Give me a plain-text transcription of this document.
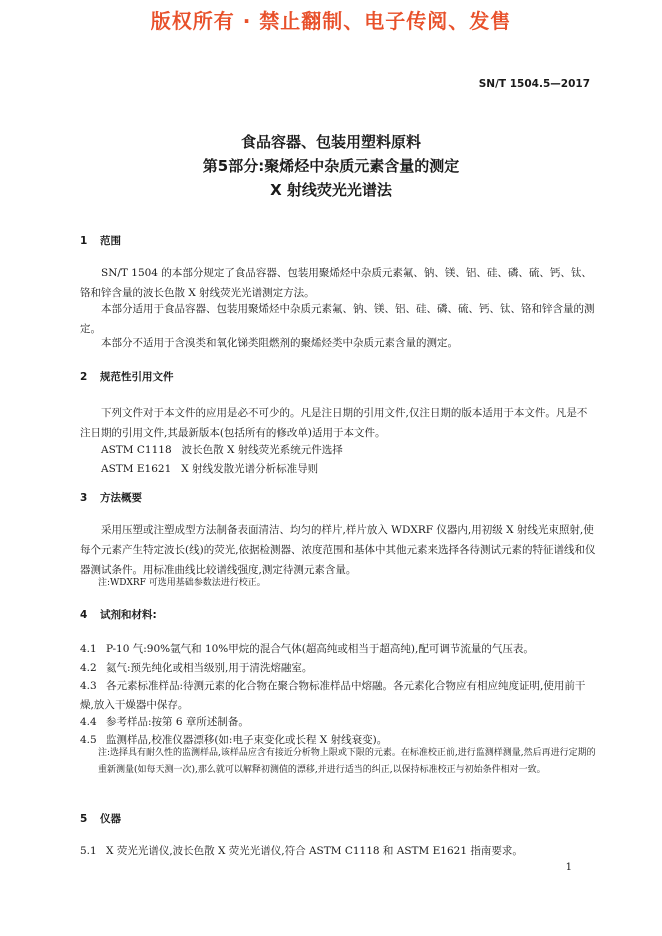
版权所有 · 禁止翻制、电子传阅、发售
SN/T 1504.5—2017
食品容器、包装用塑料原料
第5部分:聚烯烃中杂质元素含量的测定
X 射线荧光光谱法
1 范围
SN/T 1504 的本部分规定了食品容器、包装用聚烯烃中杂质元素氟、钠、镁、铝、硅、磷、硫、钙、钛、铬和锌含量的波长色散 X 射线荧光光谱测定方法。
本部分适用于食品容器、包装用聚烯烃中杂质元素氟、钠、镁、铝、硅、磷、硫、钙、钛、铬和锌含量的测定。
本部分不适用于含溴类和氧化锑类阻燃剂的聚烯烃类中杂质元素含量的测定。
2 规范性引用文件
下列文件对于本文件的应用是必不可少的。凡是注日期的引用文件,仅注日期的版本适用于本文件。凡是不注日期的引用文件,其最新版本(包括所有的修改单)适用于本文件。
ASTM C1118   波长色散 X 射线荧光系统元件选择
ASTM E1621   X 射线发散光谱分析标准导则
3 方法概要
采用压塑或注塑成型方法制备表面清洁、均匀的样片,样片放入 WDXRF 仪器内,用初级 X 射线光束照射,使每个元素产生特定波长(线)的荧光,依据检测器、浓度范围和基体中其他元素来选择各待测试元素的特征谱线和仪器测试条件。用标准曲线比较谱线强度,测定待测元素含量。
注:WDXRF 可选用基础参数法进行校正。
4 试剂和材料:
4.1 P-10 气:90%氩气和 10%甲烷的混合气体(超高纯或相当于超高纯),配可调节流量的气压表。
4.2 氦气:预先纯化或相当级别,用于清洗熔融室。
4.3 各元素标准样品:待测元素的化合物在聚合物标准样品中熔融。各元素化合物应有相应纯度证明,使用前干燥,放入干燥器中保存。
4.4 参考样品:按第 6 章所述制备。
4.5 监测样品,校准仪器漂移(如:电子束变化或长程 X 射线衰变)。
注:选择具有耐久性的监测样品,该样品应含有接近分析物上限或下限的元素。在标准校正前,进行监测样测量,然后再进行定期的重新测量(如每天测一次),那么就可以解释初测值的漂移,并进行适当的纠正,以保持标准校正与初始条件相对一致。
5 仪器
5.1 X 荧光光谱仪,波长色散 X 荧光光谱仪,符合 ASTM C1118 和 ASTM E1621 指南要求。
1
